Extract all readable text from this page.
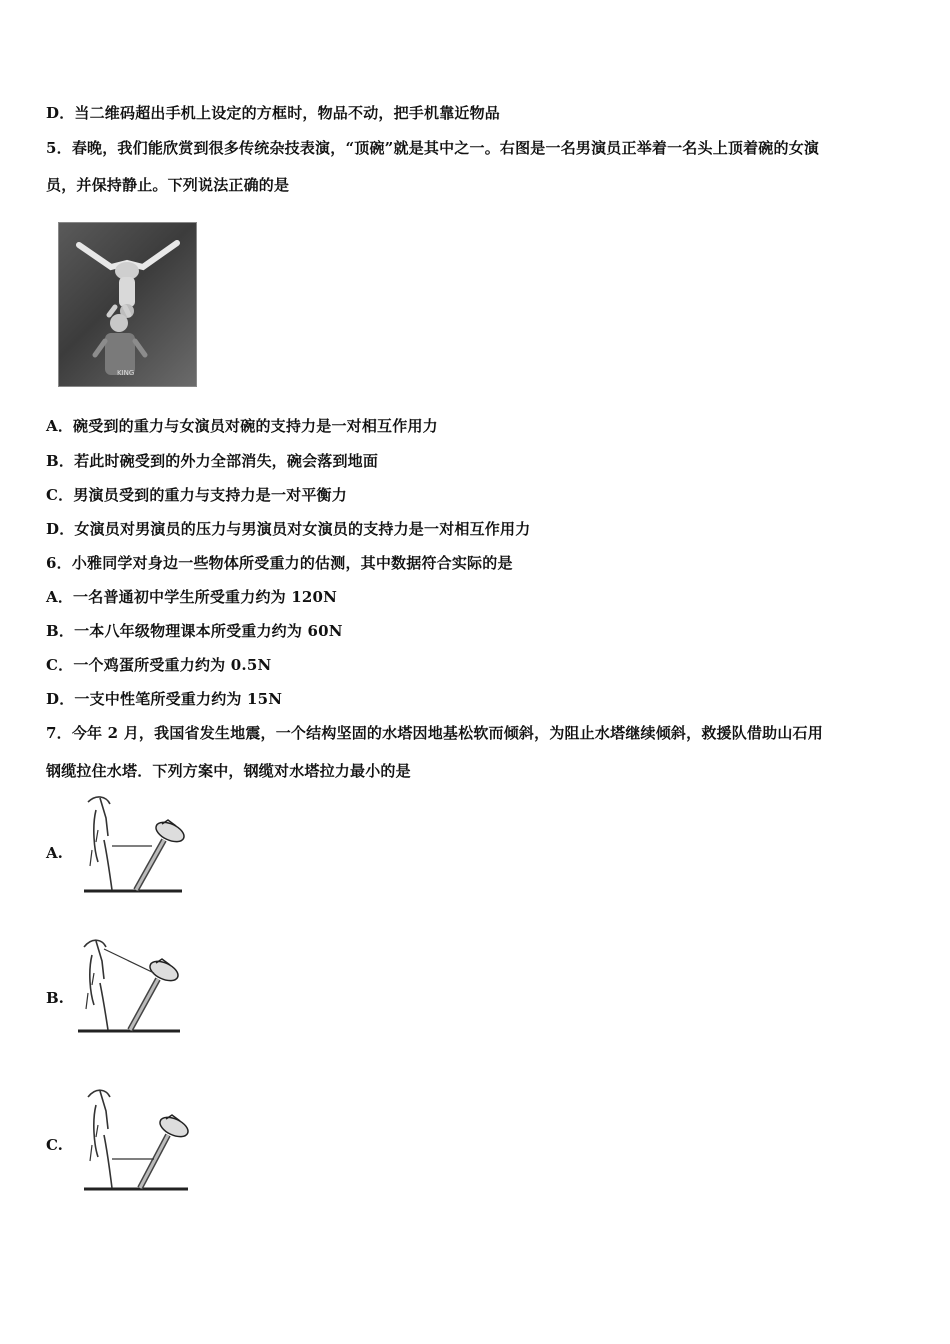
D．当二维码超出手机上设定的方框时，物品不动，把手机靠近物品
5．春晚，我们能欣赏到很多传统杂技表演，“顶碗”就是其中之一。右图是一名男演员正举着一名头上顶着碗的女演
员，并保持静止。下列说法正确的是
KING
A．碗受到的重力与女演员对碗的支持力是一对相互作用力
B．若此时碗受到的外力全部消失，碗会落到地面
C．男演员受到的重力与支持力是一对平衡力
D．女演员对男演员的压力与男演员对女演员的支持力是一对相互作用力
6．小雅同学对身边一些物体所受重力的估测，其中数据符合实际的是
A．一名普通初中学生所受重力约为 120N
B．一本八年级物理课本所受重力约为 60N
C．一个鸡蛋所受重力约为 0.5N
D．一支中性笔所受重力约为 15N
7．今年 2 月，我国省发生地震，一个结构坚固的水塔因地基松软而倾斜，为阻止水塔继续倾斜，救援队借助山石用
钢缆拉住水塔．下列方案中，钢缆对水塔拉力最小的是
A.
B.
C.
